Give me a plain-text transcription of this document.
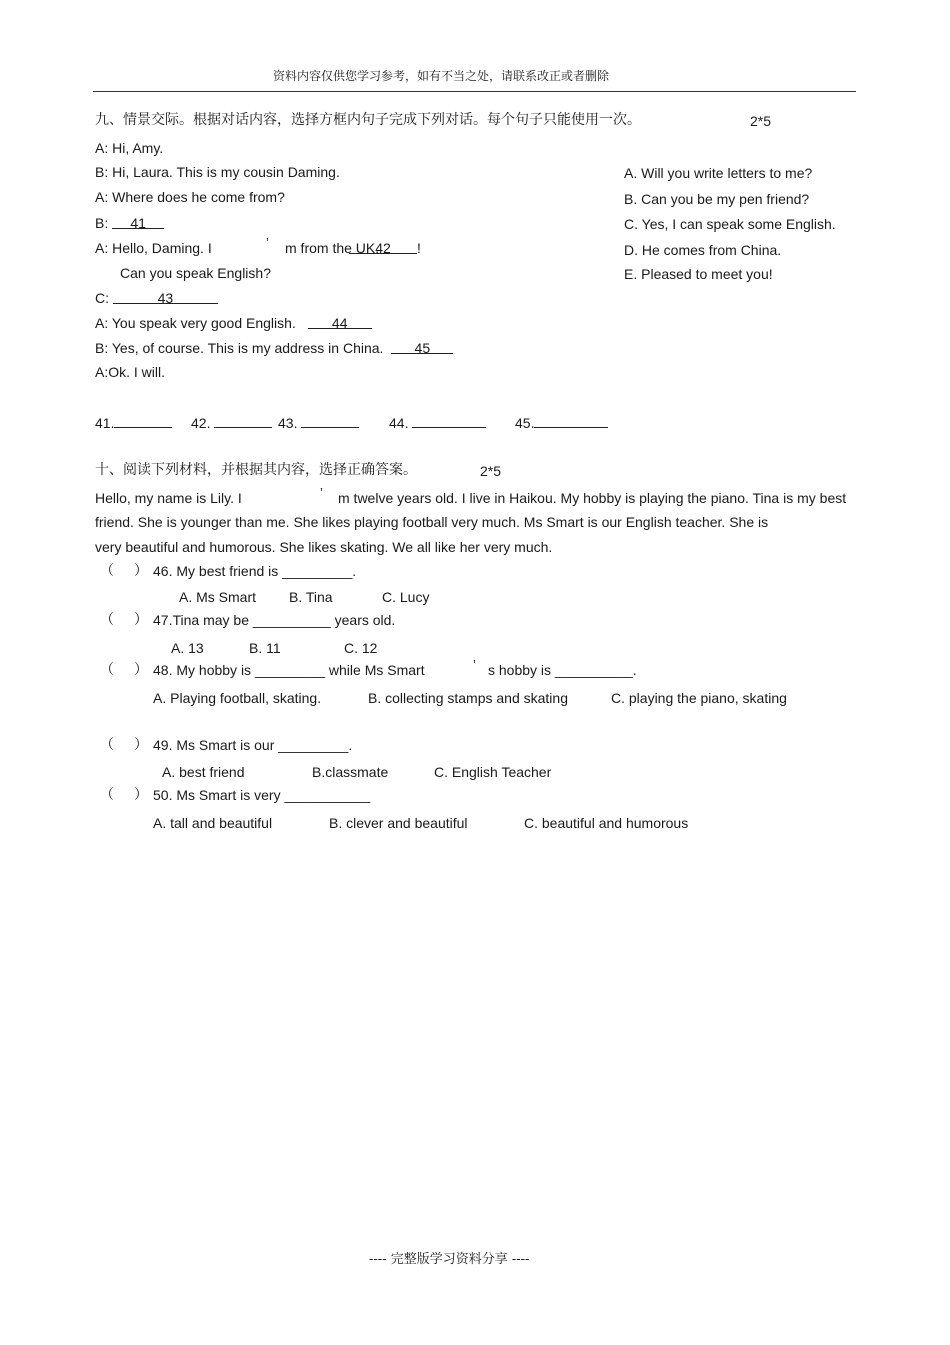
资料内容仅供您学习参考，如有不当之处，请联系改正或者删除
九、情景交际。根据对话内容，选择方框内句子完成下列对话。每个句子只能使用一次。	2*5
A: Hi, Amy.
B: Hi, Laura. This is my cousin Daming.
A: Where does he come from?
B: 41
A: Hello, Daming. I	’ m from the UK.
42 !
Can you speak English?
C:	43
A: You speak very good English.	44
B: Yes, of course. This is my address in China. 45
A:Ok. I will.
A. Will you write letters to me?
B. Can you be my pen friend?
C. Yes, I can speak some English.
D. He comes from China.
E. Pleased to meet you!
41.	42.	43.	44.	45.
十、阅读下列材料，并根据其内容，选择正确答案。	2*5
Hello, my name is Lily. I	’ m twelve years old. I live in Haikou. My hobby is playing the piano. Tina is my best
friend. She is younger than me. She likes playing football very much. Ms Smart is our English teacher. She is
very beautiful and humorous. She likes skating. We all like her very much.
（ ） 46. My best friend is _________.
A. Ms Smart B. Tina	C. Lucy
（ ） 47.Tina may be __________ years old.
A. 13	B. 11	C. 12
（ ） 48. My hobby is _________ while Ms Smart	’ s hobby is __________.
A. Playing football, skating.	B. collecting stamps and skating	C. playing the piano, skating
（ ） 49. Ms Smart is our _________.
A. best friend	B.classmate	C. English Teacher
（ ） 50. Ms Smart is very ___________
A. tall and beautiful	B. clever and beautiful	C. beautiful and humorous
---- 完整版学习资料分享 ----
